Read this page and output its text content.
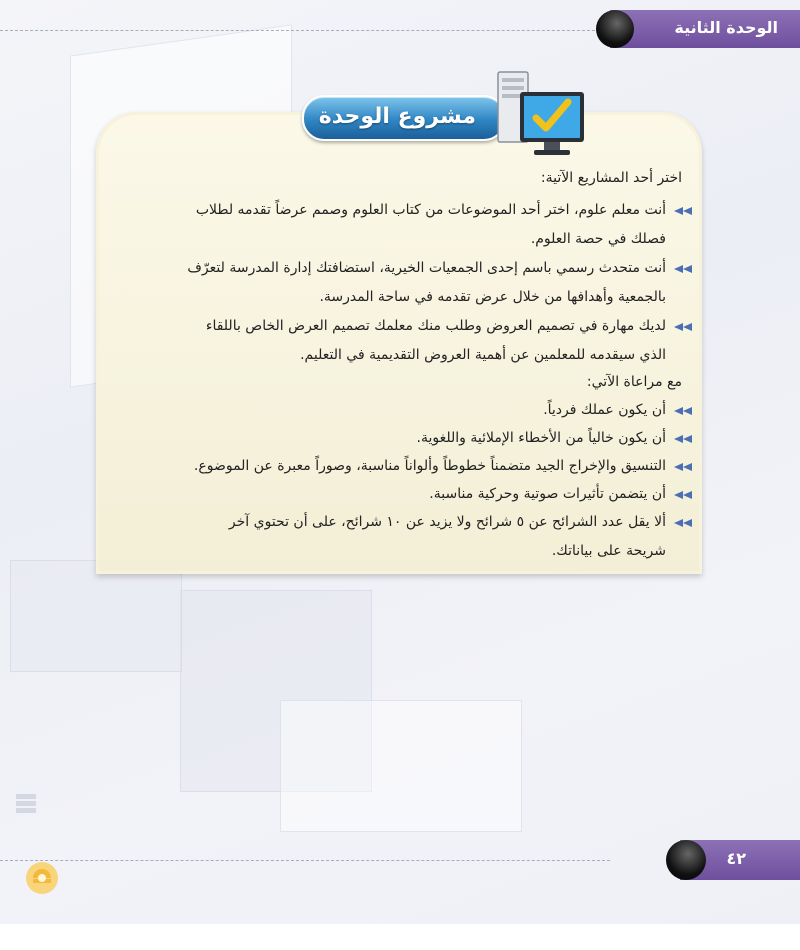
الوحدة الثانية
مشروع الوحدة
اختر أحد المشاريع الآتية:
أنت معلم علوم، اختر أحد الموضوعات من كتاب العلوم وصمم عرضاً تقدمه لطلاب
فصلك في حصة العلوم.
أنت متحدث رسمي باسم إحدى الجمعيات الخيرية، استضافتك إدارة المدرسة لتعرّف
بالجمعية وأهدافها من خلال عرض تقدمه في ساحة المدرسة.
لديك مهارة في تصميم العروض وطلب منك معلمك تصميم العرض الخاص باللقاء
الذي سيقدمه للمعلمين عن أهمية العروض التقديمية في التعليم.
مع مراعاة الآتي:
أن يكون عملك فردياً.
أن يكون خالياً من الأخطاء الإملائية واللغوية.
التنسيق والإخراج الجيد متضمناً خطوطاً وألواناً مناسبة، وصوراً معبرة عن الموضوع.
أن يتضمن تأثيرات صوتية وحركية مناسبة.
ألا يقل عدد الشرائح عن ٥ شرائح ولا يزيد عن ١٠ شرائح، على أن تحتوي آخر
شريحة على بياناتك.
٤٢
